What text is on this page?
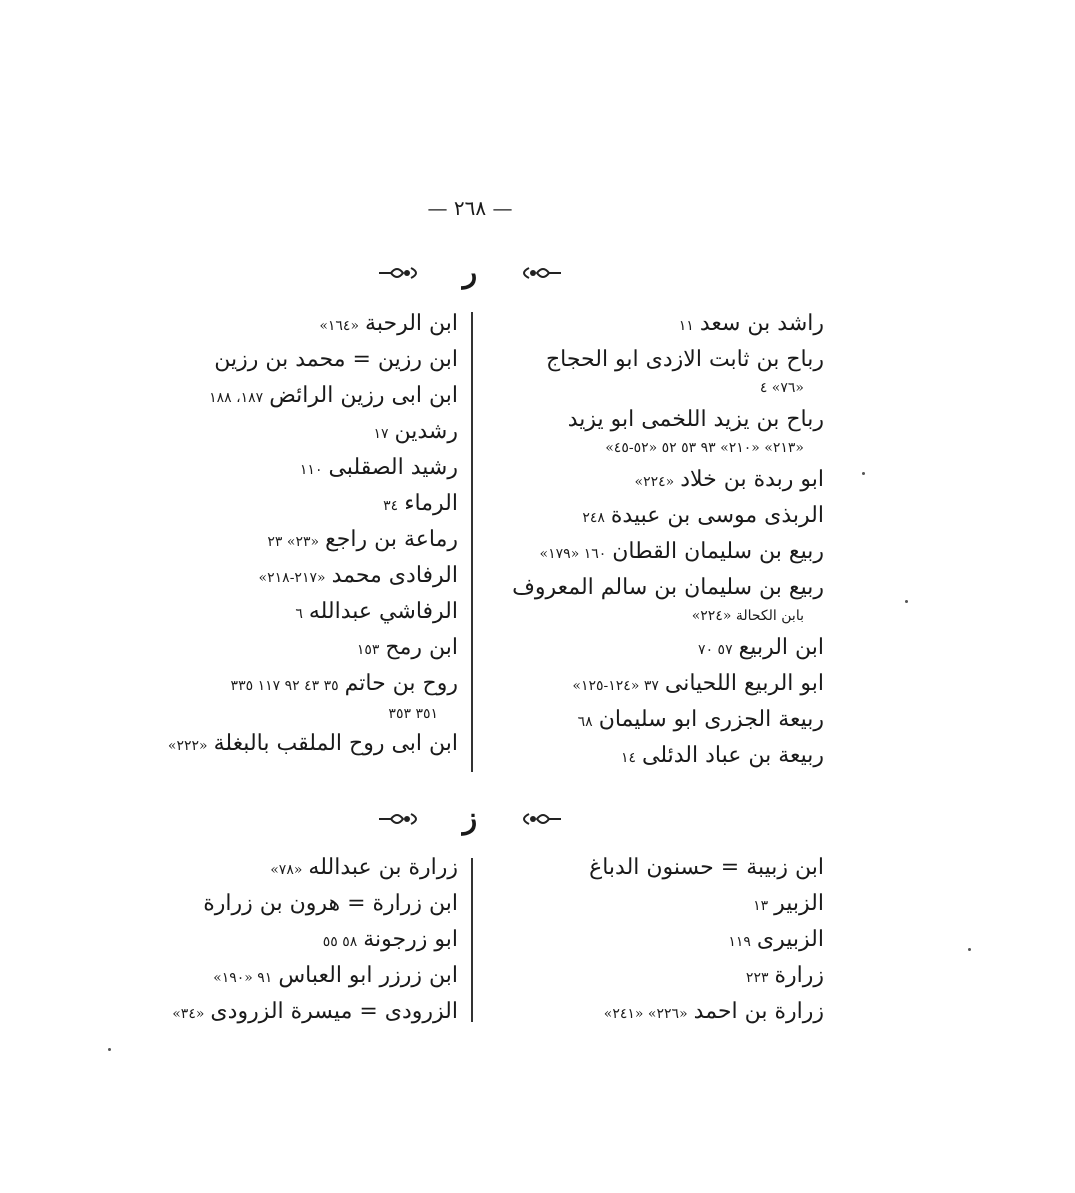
— ٢٦٨ —
ر
راشد بن سعد١١
رباح بن ثابت الازدى ابو الحجاج
«٧٦» ٤
رباح بن يزيد اللخمى ابو يزيد
«٢١٣» «٢١٠» ٩٣ ٥٣ ٥٢ «٥٢-٤٥»
ابو ربدة بن خلاد«٢٢٤»
الربذى موسى بن عبيدة٢٤٨
ربيع بن سليمان القطان١٦٠ «١٧٩»
ربيع بن سليمان بن سالم المعروف
بابن الكحالة «٢٢٤»
ابن الربيع٥٧ ٧٠
ابو الربيع اللحيانى٣٧ «١٢٤-١٢٥»
ربيعة الجزرى ابو سليمان٦٨
ربيعة بن عباد الدئلى١٤
ابن الرحبة«١٦٤»
ابن رزين = محمد بن رزين
ابن ابى رزين الرائض١٨٧، ١٨٨
رشدين١٧
رشيد الصقلبى١١٠
الرماء٣٤
رماعة بن راجع«٢٣» ٢٣
الرفادى محمد«٢١٧-٢١٨»
الرفاشي عبدالله٦
ابن رمح١٥٣
روح بن حاتم٣٥ ٤٣ ٩٢ ١١٧ ٣٣٥
٣٥١ ٣٥٣
ابن ابى روح الملقب بالبغلة«٢٢٢»
ز
ابن زبيبة = حسنون الدباغ
الزبير١٣
الزبيرى١١٩
زرارة٢٢٣
زرارة بن احمد«٢٢٦» «٢٤١»
زرارة بن عبدالله«٧٨»
ابن زرارة = هرون بن زرارة
ابو زرجونة٥٨ ٥٥
ابن زرزر ابو العباس٩١ «١٩٠»
الزرودى = ميسرة الزرودى«٣٤»
